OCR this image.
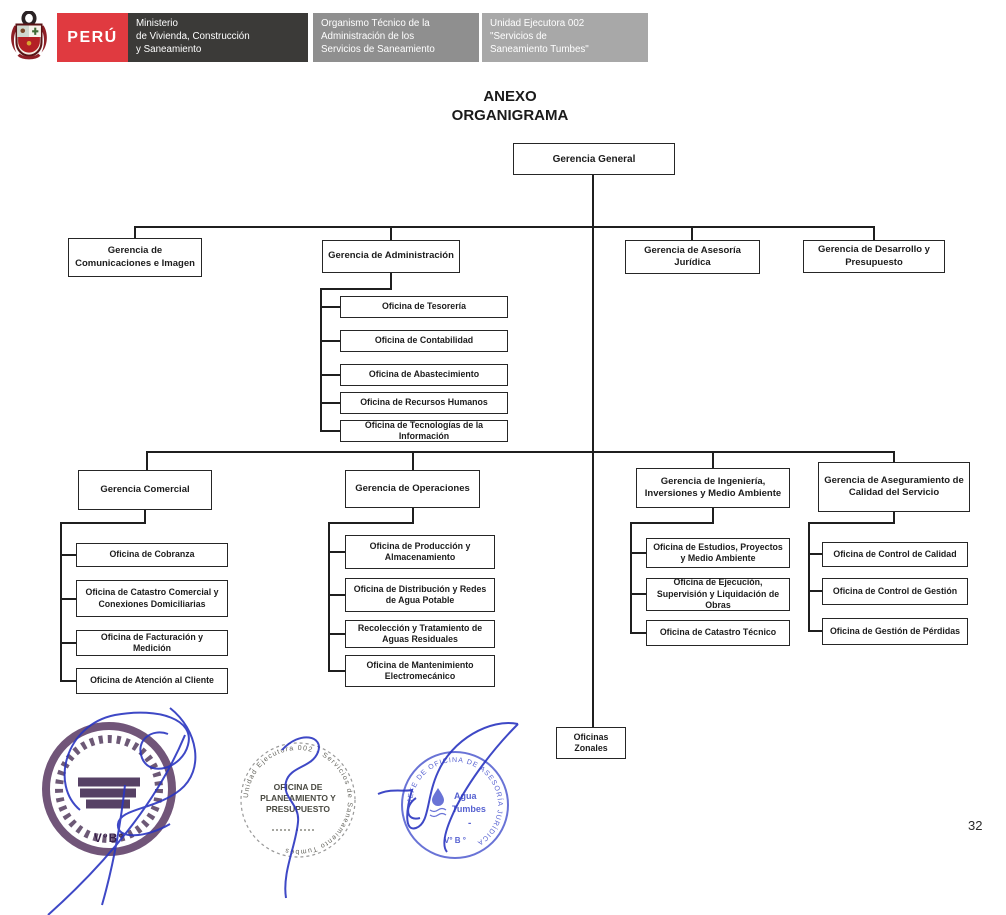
PERÚ
Ministerio
de Vivienda, Construcción
y Saneamiento
Organismo Técnico de la
Administración de los
Servicios de Saneamiento
Unidad Ejecutora 002
"Servicios de
Saneamiento Tumbes"
ANEXO
ORGANIGRAMA
Gerencia General
Gerencia de Comunicaciones e Imagen
Gerencia de Administración
Gerencia de Asesoría Jurídica
Gerencia de Desarrollo y Presupuesto
Oficina de Tesorería
Oficina de Contabilidad
Oficina de Abastecimiento
Oficina de Recursos Humanos
Oficina de Tecnologías de la Información
Gerencia Comercial	Gerencia de Operaciones
Gerencia de Ingeniería, Inversiones y Medio Ambiente
Gerencia de Aseguramiento de Calidad del Servicio
Oficina de Cobranza
Oficina de Catastro Comercial y Conexiones Domiciliarias
Oficina de Facturación y Medición
Oficina de Atención al Cliente
Oficina de Producción y Almacenamiento
Oficina de Distribución y Redes de Agua Potable
Recolección y Tratamiento de Aguas Residuales
Oficina de Mantenimiento Electromecánico
Oficina de Estudios, Proyectos y Medio Ambiente
Oficina de Ejecución, Supervisión y Liquidación de Obras
Oficina de Catastro Técnico
Oficina de Control de Calidad
Oficina de Control de Gestión
Oficina de Gestión de Pérdidas
Oficinas Zonales
V°B°
Unidad Ejecutora 002 - Servicios de Saneamiento Tumbes
OFICINA DE
PLANEAMIENTO Y
PRESUPUESTO
JEFE DE OFICINA DE ASESORÍA JURÍDICA
Agua
Tumbes
-
V° B °
32
